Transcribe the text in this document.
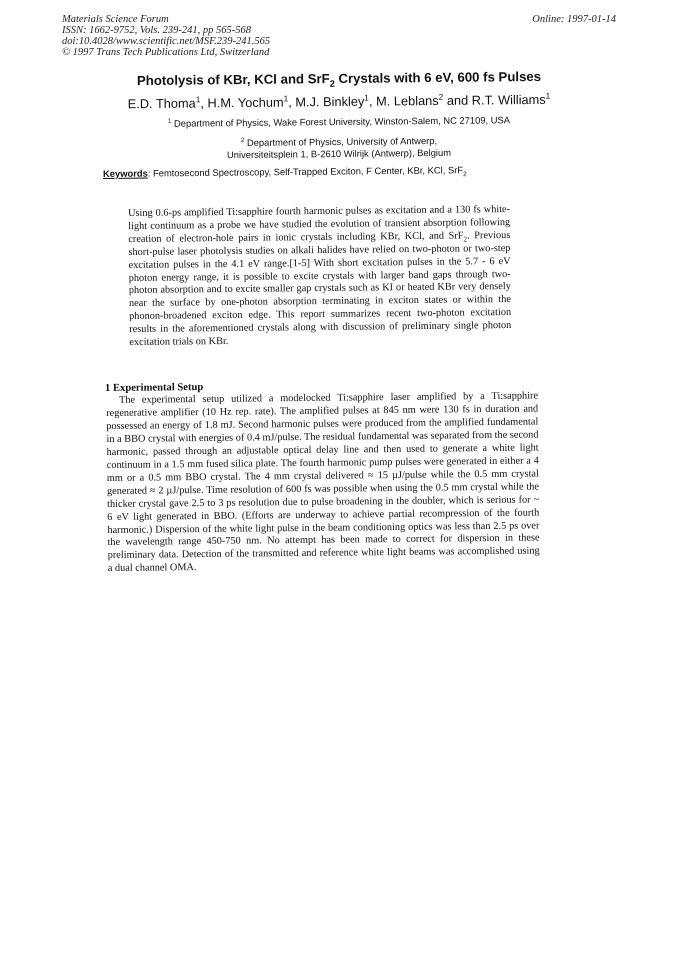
Materials Science Forum
ISSN: 1662-9752, Vols. 239-241, pp 565-568
doi:10.4028/www.scientific.net/MSF.239-241.565
© 1997 Trans Tech Publications Ltd, Switzerland
Online: 1997-01-14
Photolysis of KBr, KCl and SrF$_2$ Crystals with 6 eV, 600 fs Pulses
E.D. Thoma$^1$, H.M. Yochum$^1$, M.J. Binkley$^1$, M. Leblans$^2$ and R.T. Williams$^1$
$^1$ Department of Physics, Wake Forest University, Winston-Salem, NC 27109, USA
$^2$ Department of Physics, University of Antwerp,
Universiteitsplein 1, B-2610 Wilrijk (Antwerp), Belgium
Keywords: Femtosecond Spectroscopy, Self-Trapped Exciton, F Center, KBr, KCl, SrF$_2$

Using 0.6-ps amplified Ti:sapphire fourth harmonic pulses as excitation and a 130 fs white-light continuum as a probe we have studied the evolution of transient absorption following creation of electron-hole pairs in ionic crystals including KBr, KCl, and SrF$_2$. Previous short-pulse laser photolysis studies on alkali halides have relied on two-photon or two-step excitation pulses in the 4.1 eV range.[1-5] With short excitation pulses in the 5.7 - 6 eV photon energy range, it is possible to excite crystals with larger band gaps through two-photon absorption and to excite smaller gap crystals such as KI or heated KBr very densely near the surface by one-photon absorption terminating in exciton states or within the phonon-broadened exciton edge. This report summarizes recent two-photon excitation results in the aforementioned crystals along with discussion of preliminary single photon excitation trials on KBr.

1 Experimental Setup

The experimental setup utilized a modelocked Ti:sapphire laser amplified by a Ti:sapphire regenerative amplifier (10 Hz rep. rate). The amplified pulses at 845 nm were 130 fs in duration and possessed an energy of 1.8 mJ. Second harmonic pulses were produced from the amplified fundamental in a BBO crystal with energies of 0.4 mJ/pulse. The residual fundamental was separated from the second harmonic, passed through an adjustable optical delay line and then used to generate a white light continuum in a 1.5 mm fused silica plate. The fourth harmonic pump pulses were generated in either a 4 mm or a 0.5 mm BBO crystal. The 4 mm crystal delivered ≈ 15 µJ/pulse while the 0.5 mm crystal generated ≈ 2 µJ/pulse. Time resolution of 600 fs was possible when using the 0.5 mm crystal while the thicker crystal gave 2.5 to 3 ps resolution due to pulse broadening in the doubler, which is serious for ~ 6 eV light generated in BBO. (Efforts are underway to achieve partial recompression of the fourth harmonic.) Dispersion of the white light pulse in the beam conditioning optics was less than 2.5 ps over the wavelength range 450-750 nm. No attempt has been made to correct for dispersion in these preliminary data. Detection of the transmitted and reference white light beams was accomplished using a dual channel OMA.
